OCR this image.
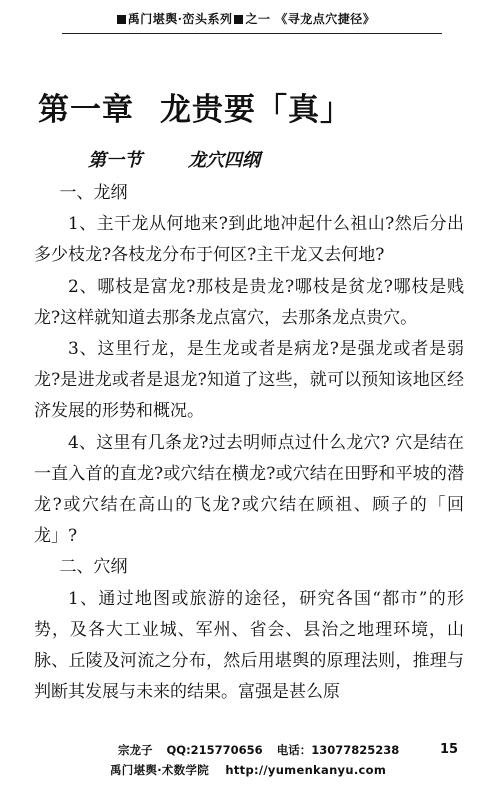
禹门堪舆·峦头系列 之一 《寻龙点穴捷径》
第一章 龙贵要「真」
第一节	龙穴四纲

一、龙纲

1、主干龙从何地来?到此地冲起什么祖山?然后分出多少枝龙?各枝龙分布于何区?主干龙又去何地?

2、哪枝是富龙?那枝是贵龙?哪枝是贫龙?哪枝是贱龙?这样就知道去那条龙点富穴，去那条龙点贵穴。

3、这里行龙，是生龙或者是病龙?是强龙或者是弱龙?是进龙或者是退龙?知道了这些，就可以预知该地区经济发展的形势和概况。

4、这里有几条龙?过去明师点过什么龙穴? 穴是结在一直入首的直龙?或穴结在横龙?或穴结在田野和平坡的潜龙?或穴结在高山的飞龙?或穴结在顾祖、顾子的「回龙」?

二、穴纲

1、通过地图或旅游的途径，研究各国“都市”的形势，及各大工业城、军州、省会、县治之地理环境，山脉、丘陵及河流之分布，然后用堪舆的原理法则，推理与判断其发展与未来的结果。富强是甚么原

宗龙子 QQ:215770656 电话：13077825238	15
禹门堪舆·术数学院 http://yumenkanyu.com
